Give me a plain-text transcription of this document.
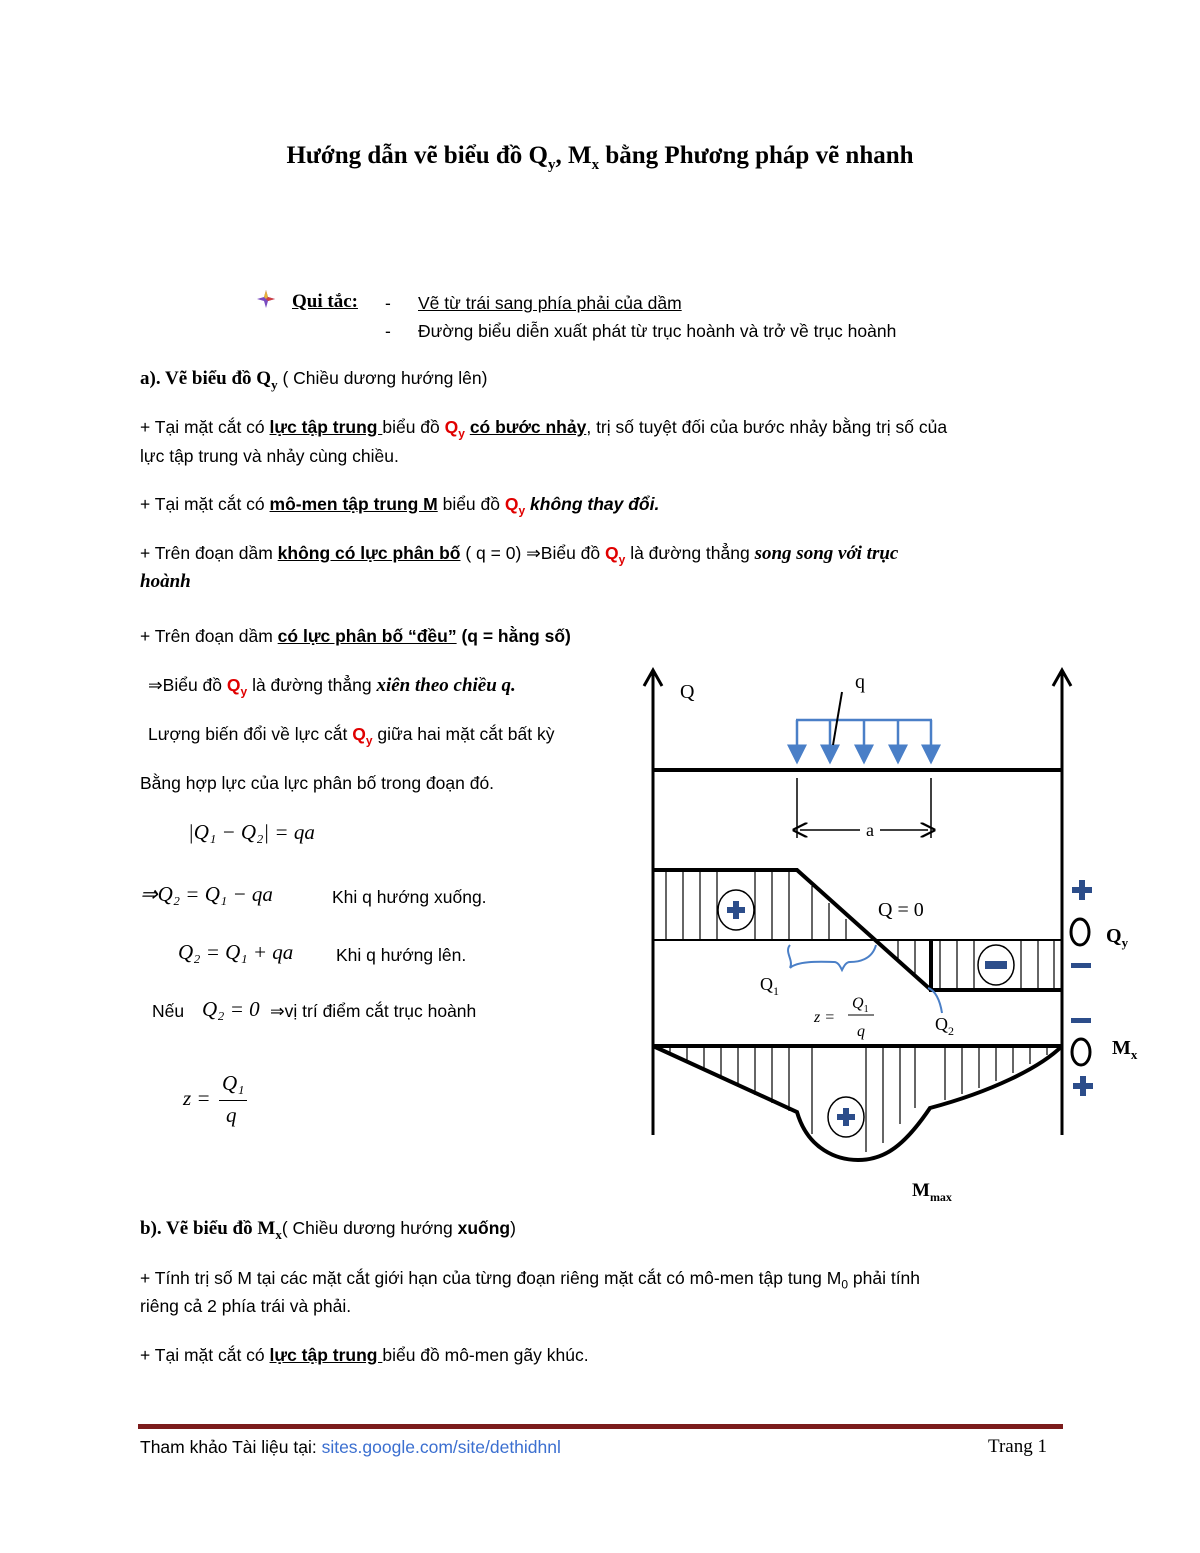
Hướng dẫn vẽ biểu đồ $Q_y$, $M_x$ bằng Phương pháp vẽ nhanh
Qui tắc: - Vẽ từ trái sang phía phải của dầm
- Đường biểu diễn xuất phát từ trục hoành và trở về trục hoành
a). Vẽ biểu đồ $Q_y$ ( Chiều dương hướng lên)
+ Tại mặt cắt có lực tập trung biểu đồ $Q_y$ có bước nhảy, trị số tuyệt đối của bước nhảy bằng trị số của
lực tập trung và nhảy cùng chiều.
+ Tại mặt cắt có mô-men tập trung M biểu đồ $Q_y$ không thay đổi.
+ Trên đoạn dầm không có lực phân bố ( q = 0) ⇒Biểu đồ $Q_y$ là đường thẳng song song với trục
hoành
+ Trên đoạn dầm có lực phân bố “đều” (q = hằng số)
⇒Biểu đồ $Q_y$ là đường thẳng xiên theo chiều q.
Lượng biến đổi về lực cắt $Q_y$ giữa hai mặt cắt bất kỳ
Bằng hợp lực của lực phân bố trong đoạn đó.
|Q₁ − Q₂| = qa
⇒Q₂ = Q₁ − qa	Khi q hướng xuống.
Q₂ = Q₁ + qa Khi q hướng lên.
Nếu Q₂ = 0 ⇒vị trí điểm cắt trục hoành
z =
Q₁
q
Q	q
a
Q = 0
$Q_1$
$Q_2$
z =
$Q_1$
q
$Q_y$
$M_x$
$M_{max}$
b). Vẽ biểu đồ $M_x$( Chiều dương hướng xuống)
+ Tính trị số M tại các mặt cắt giới hạn của từng đoạn riêng mặt cắt có mô-men tập tung $M_0$ phải tính
riêng cả 2 phía trái và phải.
+ Tại mặt cắt có lực tập trung biểu đồ mô-men gãy khúc.
Tham khảo Tài liệu tại: sites.google.com/site/dethidhnl	Trang 1
